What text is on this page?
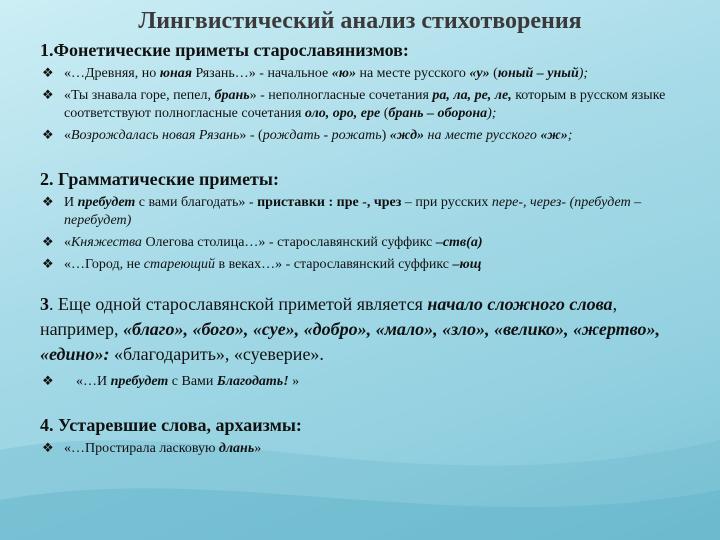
Лингвистический анализ стихотворения
1.Фонетические приметы старославянизмов:
❖ «…Древняя, но юная Рязань…» - начальное «ю» на месте русского «у» (юный – уный);
❖ «Ты знавала горе, пепел, брань» - неполногласные сочетания ра, ла, ре, ле, которым в русском языке соответствуют полногласные сочетания оло, оро, ере (брань – оборона);
❖ «Возрождалась новая Рязань» - (рождать - рожать) «жд» на месте русского «ж»;
2. Грамматические приметы:
❖ И пребудет с вами благодать» - приставки : пре -, чрез – при русских пере-, через- (пребудет – перебудет)
❖ «Княжества Олегова столица…» - старославянский суффикс –ств(а)
❖ «…Город, не стареющий в веках…» - старославянский суффикс –ющ
3. Еще одной старославянской приметой является начало сложного слова, например, «благо», «бого», «суе», «добро», «мало», «зло», «велико», «жертво», «едино»: «благодарить», «суеверие».
❖ «…И пребудет с Вами Благодать! »
4. Устаревшие слова, архаизмы:
❖ «…Простирала ласковую длань»
